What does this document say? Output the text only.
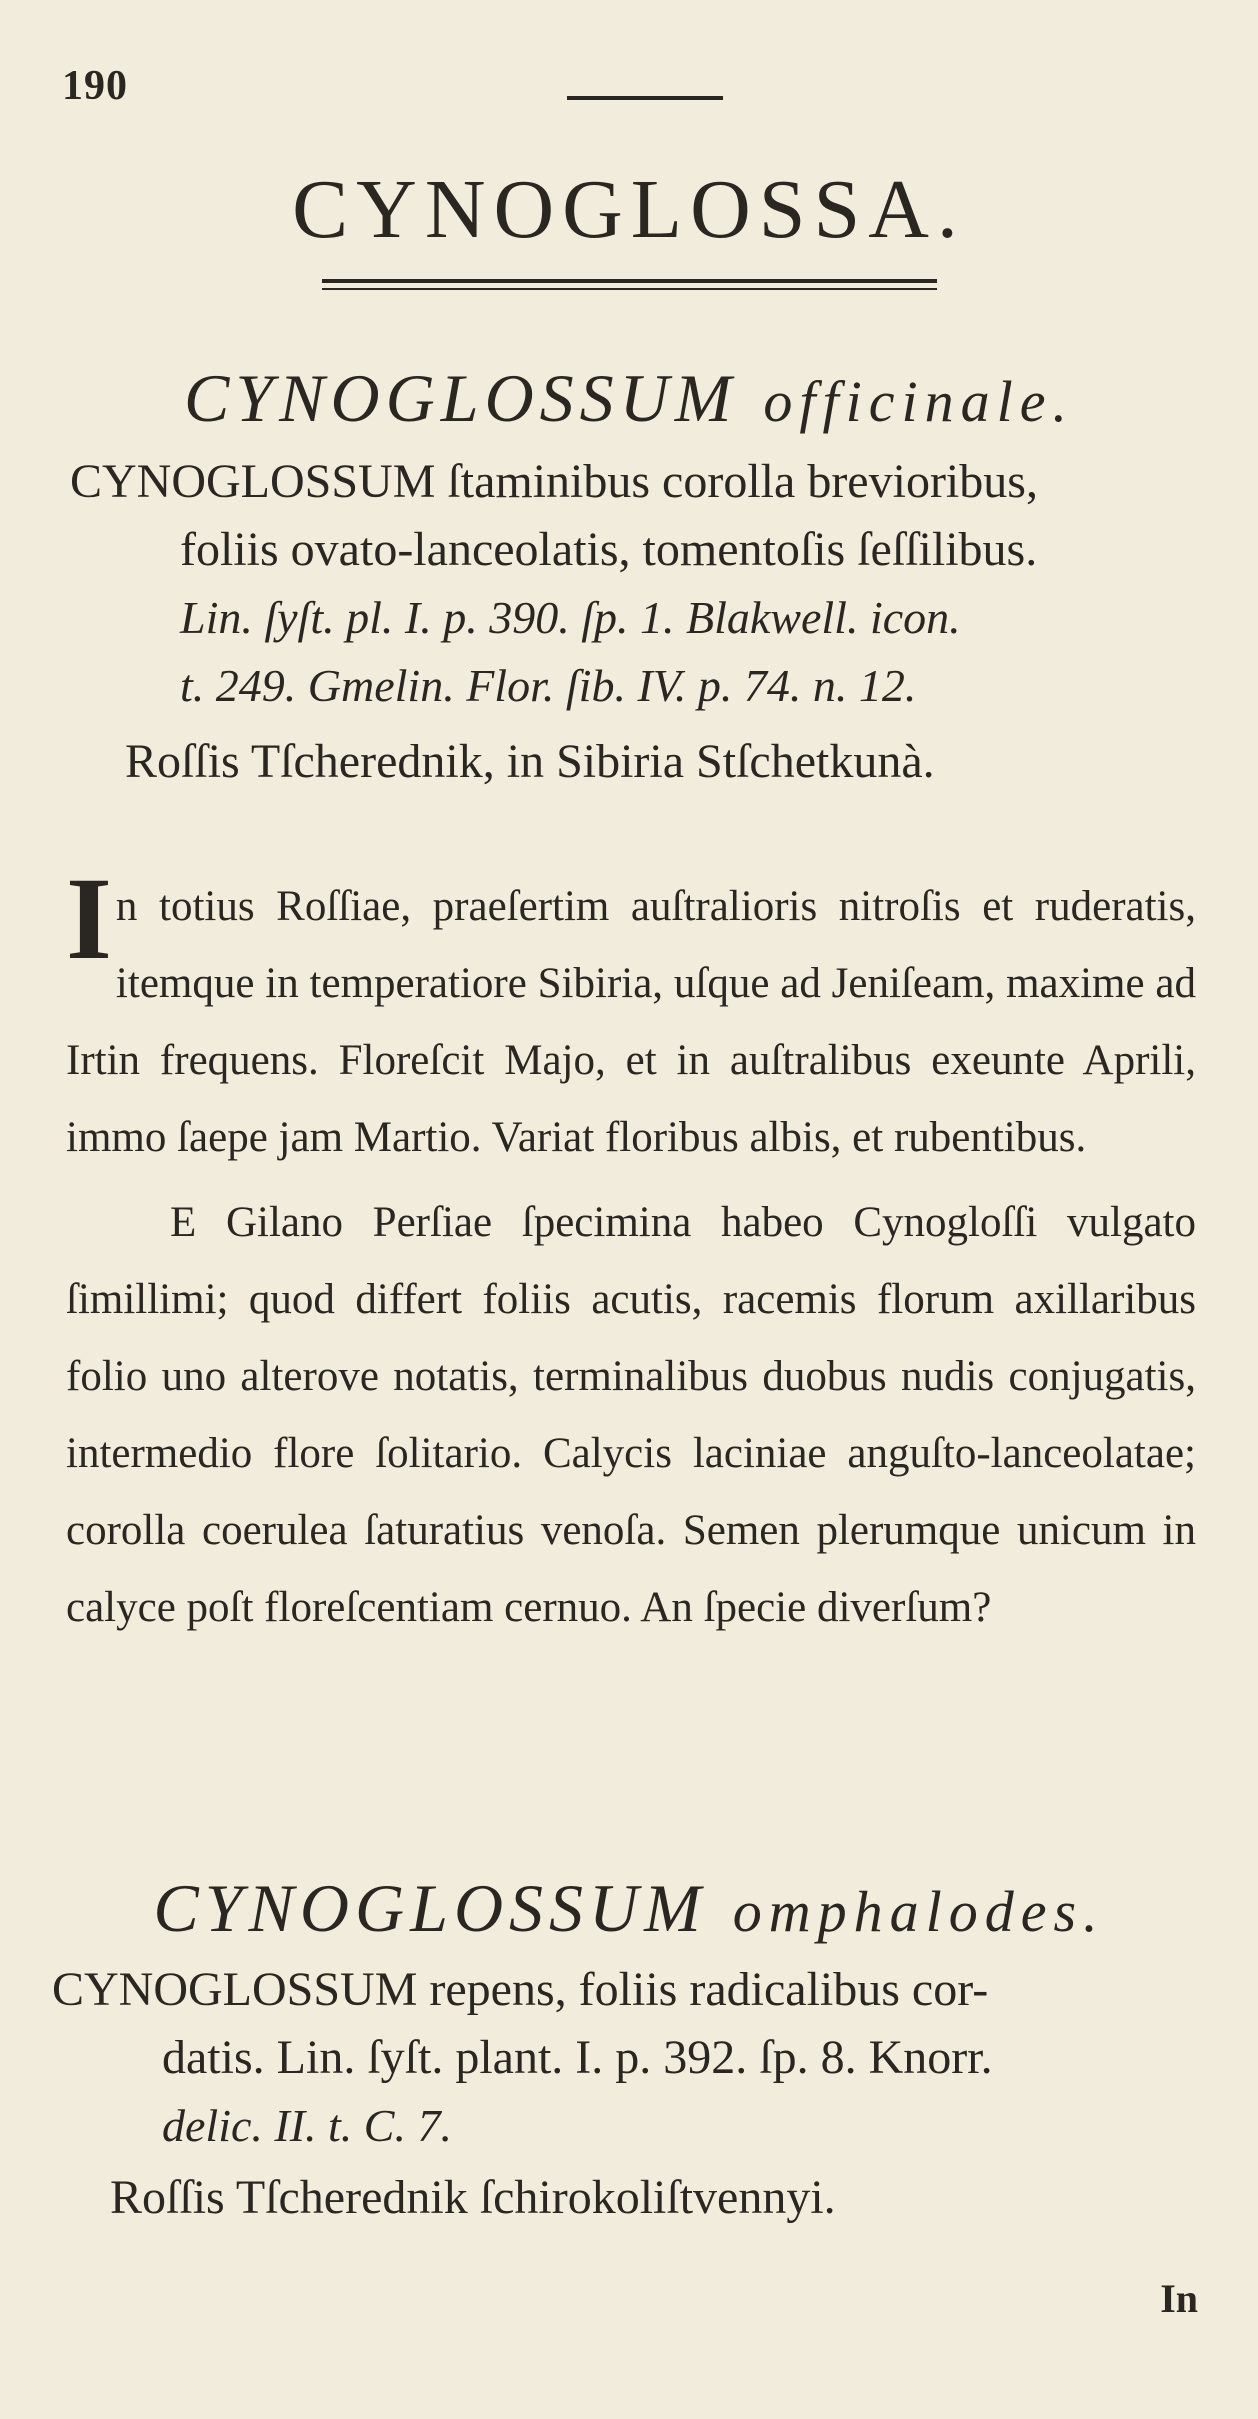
190
CYNOGLOSSA.
CYNOGLOSSUM officinale.
CYNOGLOSSUM ſtaminibus corolla brevioribus,
foliis ovato-lanceolatis, tomentoſis ſeſſilibus.
Lin. ſyſt. pl. I. p. 390. ſp. 1. Blakwell. icon.
t. 249. Gmelin. Flor. ſib. IV. p. 74. n. 12.
Roſſis Tſcherednik, in Sibiria Stſchetkunà.

In totius Roſſiae, praeſertim auſtralioris nitroſis et ruderatis, itemque in temperatiore Sibiria, uſque ad Jeniſeam, maxime ad Irtin frequens. Floreſcit Majo, et in auſtralibus exeunte Aprili, immo ſaepe jam Martio. Variat floribus albis, et rubentibus.

E Gilano Perſiae ſpecimina habeo Cynogloſſi vulgato ſimillimi; quod differt foliis acutis, racemis florum axillaribus folio uno alterove notatis, terminalibus duobus nudis conjugatis, intermedio flore ſolitario. Calycis laciniae anguſto-lanceolatae; corolla coerulea ſaturatius venoſa. Semen plerumque unicum in calyce poſt floreſcentiam cernuo. An ſpecie diverſum?

CYNOGLOSSUM omphalodes.
CYNOGLOSSUM repens, foliis radicalibus cor-
datis. Lin. ſyſt. plant. I. p. 392. ſp. 8. Knorr.
delic. II. t. C. 7.
Roſſis Tſcherednik ſchirokoliſtvennyi.
In
